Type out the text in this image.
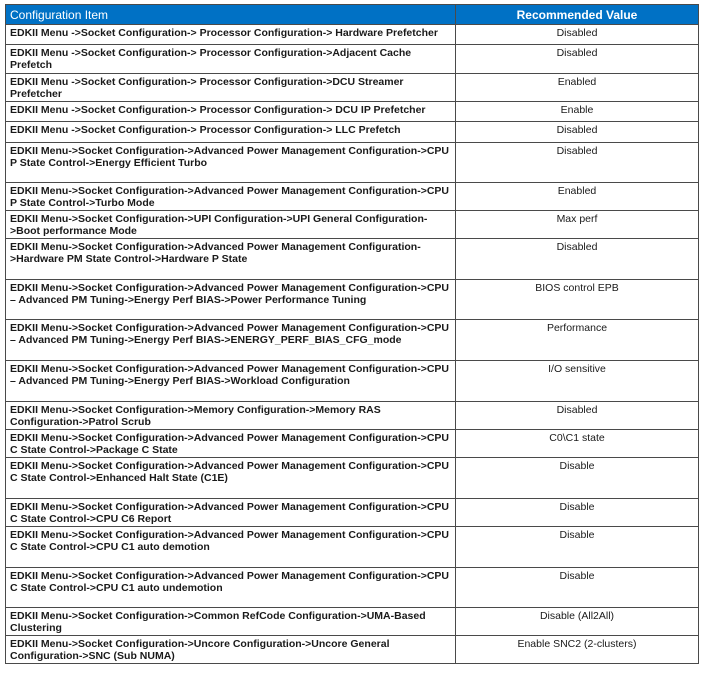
Configuration Item	Recommended Value
EDKII Menu ->Socket Configuration-> Processor Configuration-> Hardware Prefetcher	Disabled
EDKII Menu ->Socket Configuration-> Processor Configuration->Adjacent Cache Prefetch	Disabled
EDKII Menu ->Socket Configuration-> Processor Configuration->DCU Streamer Prefetcher	Enabled
EDKII Menu ->Socket Configuration-> Processor Configuration-> DCU IP Prefetcher	Enable
EDKII Menu ->Socket Configuration-> Processor Configuration-> LLC Prefetch	Disabled
EDKII Menu->Socket Configuration->Advanced Power Management Configuration->CPU P State Control->Energy Efficient Turbo	Disabled
EDKII Menu->Socket Configuration->Advanced Power Management Configuration->CPU P State Control->Turbo Mode	Enabled
EDKII Menu->Socket Configuration->UPI Configuration->UPI General Configuration->Boot performance Mode	Max perf
EDKII Menu->Socket Configuration->Advanced Power Management Configuration->Hardware PM State Control->Hardware P State	Disabled
EDKII Menu->Socket Configuration->Advanced Power Management Configuration->CPU – Advanced PM Tuning->Energy Perf BIAS->Power Performance Tuning	BIOS control EPB
EDKII Menu->Socket Configuration->Advanced Power Management Configuration->CPU – Advanced PM Tuning->Energy Perf BIAS->ENERGY_PERF_BIAS_CFG_mode	Performance
EDKII Menu->Socket Configuration->Advanced Power Management Configuration->CPU – Advanced PM Tuning->Energy Perf BIAS->Workload Configuration	I/O sensitive
EDKII Menu->Socket Configuration->Memory Configuration->Memory RAS Configuration->Patrol Scrub	Disabled
EDKII Menu->Socket Configuration->Advanced Power Management Configuration->CPU C State Control->Package C State	C0\C1 state
EDKII Menu->Socket Configuration->Advanced Power Management Configuration->CPU C State Control->Enhanced Halt State (C1E)	Disable
EDKII Menu->Socket Configuration->Advanced Power Management Configuration->CPU C State Control->CPU C6 Report	Disable
EDKII Menu->Socket Configuration->Advanced Power Management Configuration->CPU C State Control->CPU C1 auto demotion	Disable
EDKII Menu->Socket Configuration->Advanced Power Management Configuration->CPU C State Control->CPU C1 auto undemotion	Disable
EDKII Menu->Socket Configuration->Common RefCode Configuration->UMA-Based Clustering	Disable (All2All)
EDKII Menu->Socket Configuration->Uncore Configuration->Uncore General Configuration->SNC (Sub NUMA)	Enable SNC2 (2-clusters)
